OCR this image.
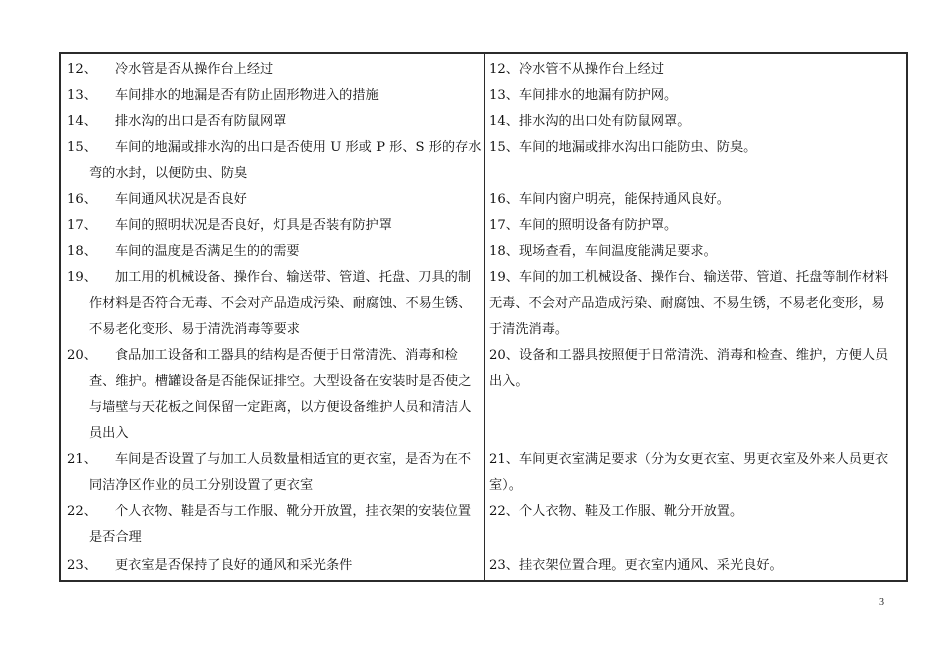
12、 冷水管是否从操作台上经过
13、 车间排水的地漏是否有防止固形物进入的措施
14、 排水沟的出口是否有防鼠网罩
15、 车间的地漏或排水沟的出口是否使用 U 形或 P 形、S 形的存水
弯的水封，以便防虫、防臭
16、 车间通风状况是否良好
17、 车间的照明状况是否良好，灯具是否装有防护罩
18、 车间的温度是否满足生的的需要
19、 加工用的机械设备、操作台、输送带、管道、托盘、刀具的制
作材料是否符合无毒、不会对产品造成污染、耐腐蚀、不易生锈、
不易老化变形、易于清洗消毒等要求
20、 食品加工设备和工器具的结构是否便于日常清洗、消毒和检
查、维护。槽罐设备是否能保证排空。大型设备在安装时是否使之
与墙壁与天花板之间保留一定距离，以方便设备维护人员和清洁人
员出入
21、 车间是否设置了与加工人员数量相适宜的更衣室，是否为在不
同洁净区作业的员工分别设置了更衣室
22、 个人衣物、鞋是否与工作服、靴分开放置，挂衣架的安装位置
是否合理
23、 更衣室是否保持了良好的通风和采光条件
12、冷水管不从操作台上经过
13、车间排水的地漏有防护网。
14、排水沟的出口处有防鼠网罩。
15、车间的地漏或排水沟出口能防虫、防臭。
16、车间内窗户明亮，能保持通风良好。
17、车间的照明设备有防护罩。
18、现场查看，车间温度能满足要求。
19、车间的加工机械设备、操作台、输送带、管道、托盘等制作材料
无毒、不会对产品造成污染、耐腐蚀、不易生锈，不易老化变形，易
于清洗消毒。
20、设备和工器具按照便于日常清洗、消毒和检查、维护，方便人员
出入。
21、车间更衣室满足要求（分为女更衣室、男更衣室及外来人员更衣
室）。
22、个人衣物、鞋及工作服、靴分开放置。
23、挂衣架位置合理。更衣室内通风、采光良好。
3
